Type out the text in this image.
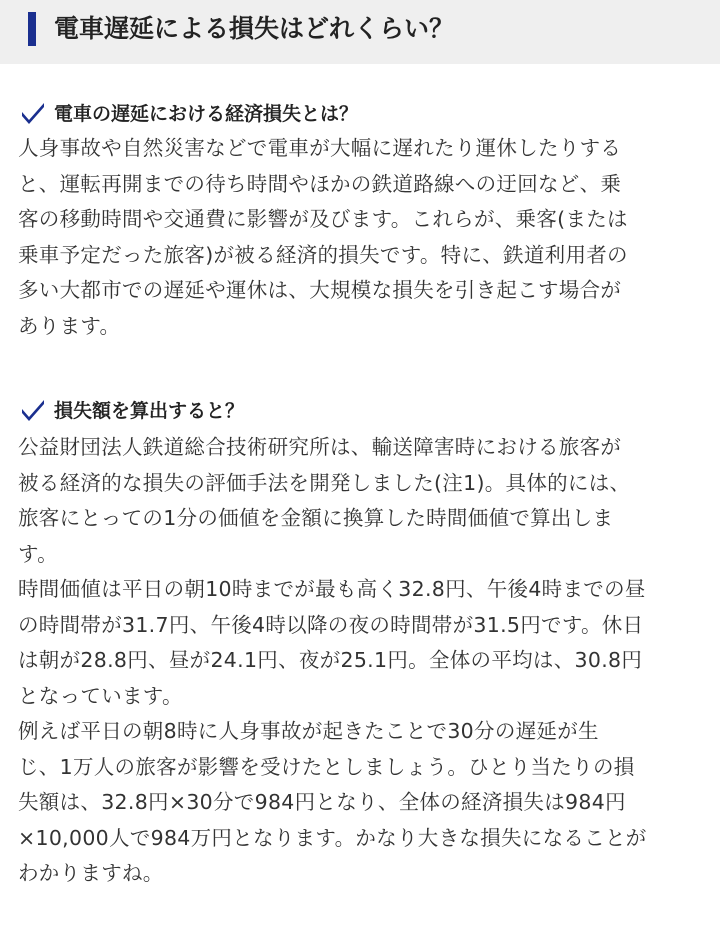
電車遅延による損失はどれくらい？
電車の遅延における経済損失とは？
人身事故や自然災害などで電車が大幅に遅れたり運休したりする
と、運転再開までの待ち時間やほかの鉄道路線への迂回など、乗
客の移動時間や交通費に影響が及びます。これらが、乗客(または
乗車予定だった旅客)が被る経済的損失です。特に、鉄道利用者の
多い大都市での遅延や運休は、大規模な損失を引き起こす場合が
あります。
損失額を算出すると？
公益財団法人鉄道総合技術研究所は、輸送障害時における旅客が
被る経済的な損失の評価手法を開発しました(注1)。具体的には、
旅客にとっての1分の価値を金額に換算した時間価値で算出しま
す。
時間価値は平日の朝10時までが最も高く32.8円、午後4時までの昼
の時間帯が31.7円、午後4時以降の夜の時間帯が31.5円です。休日
は朝が28.8円、昼が24.1円、夜が25.1円。全体の平均は、30.8円
となっています。
例えば平日の朝8時に人身事故が起きたことで30分の遅延が生
じ、1万人の旅客が影響を受けたとしましょう。ひとり当たりの損
失額は、32.8円×30分で984円となり、全体の経済損失は984円
×10,000人で984万円となります。かなり大きな損失になることが
わかりますね。
